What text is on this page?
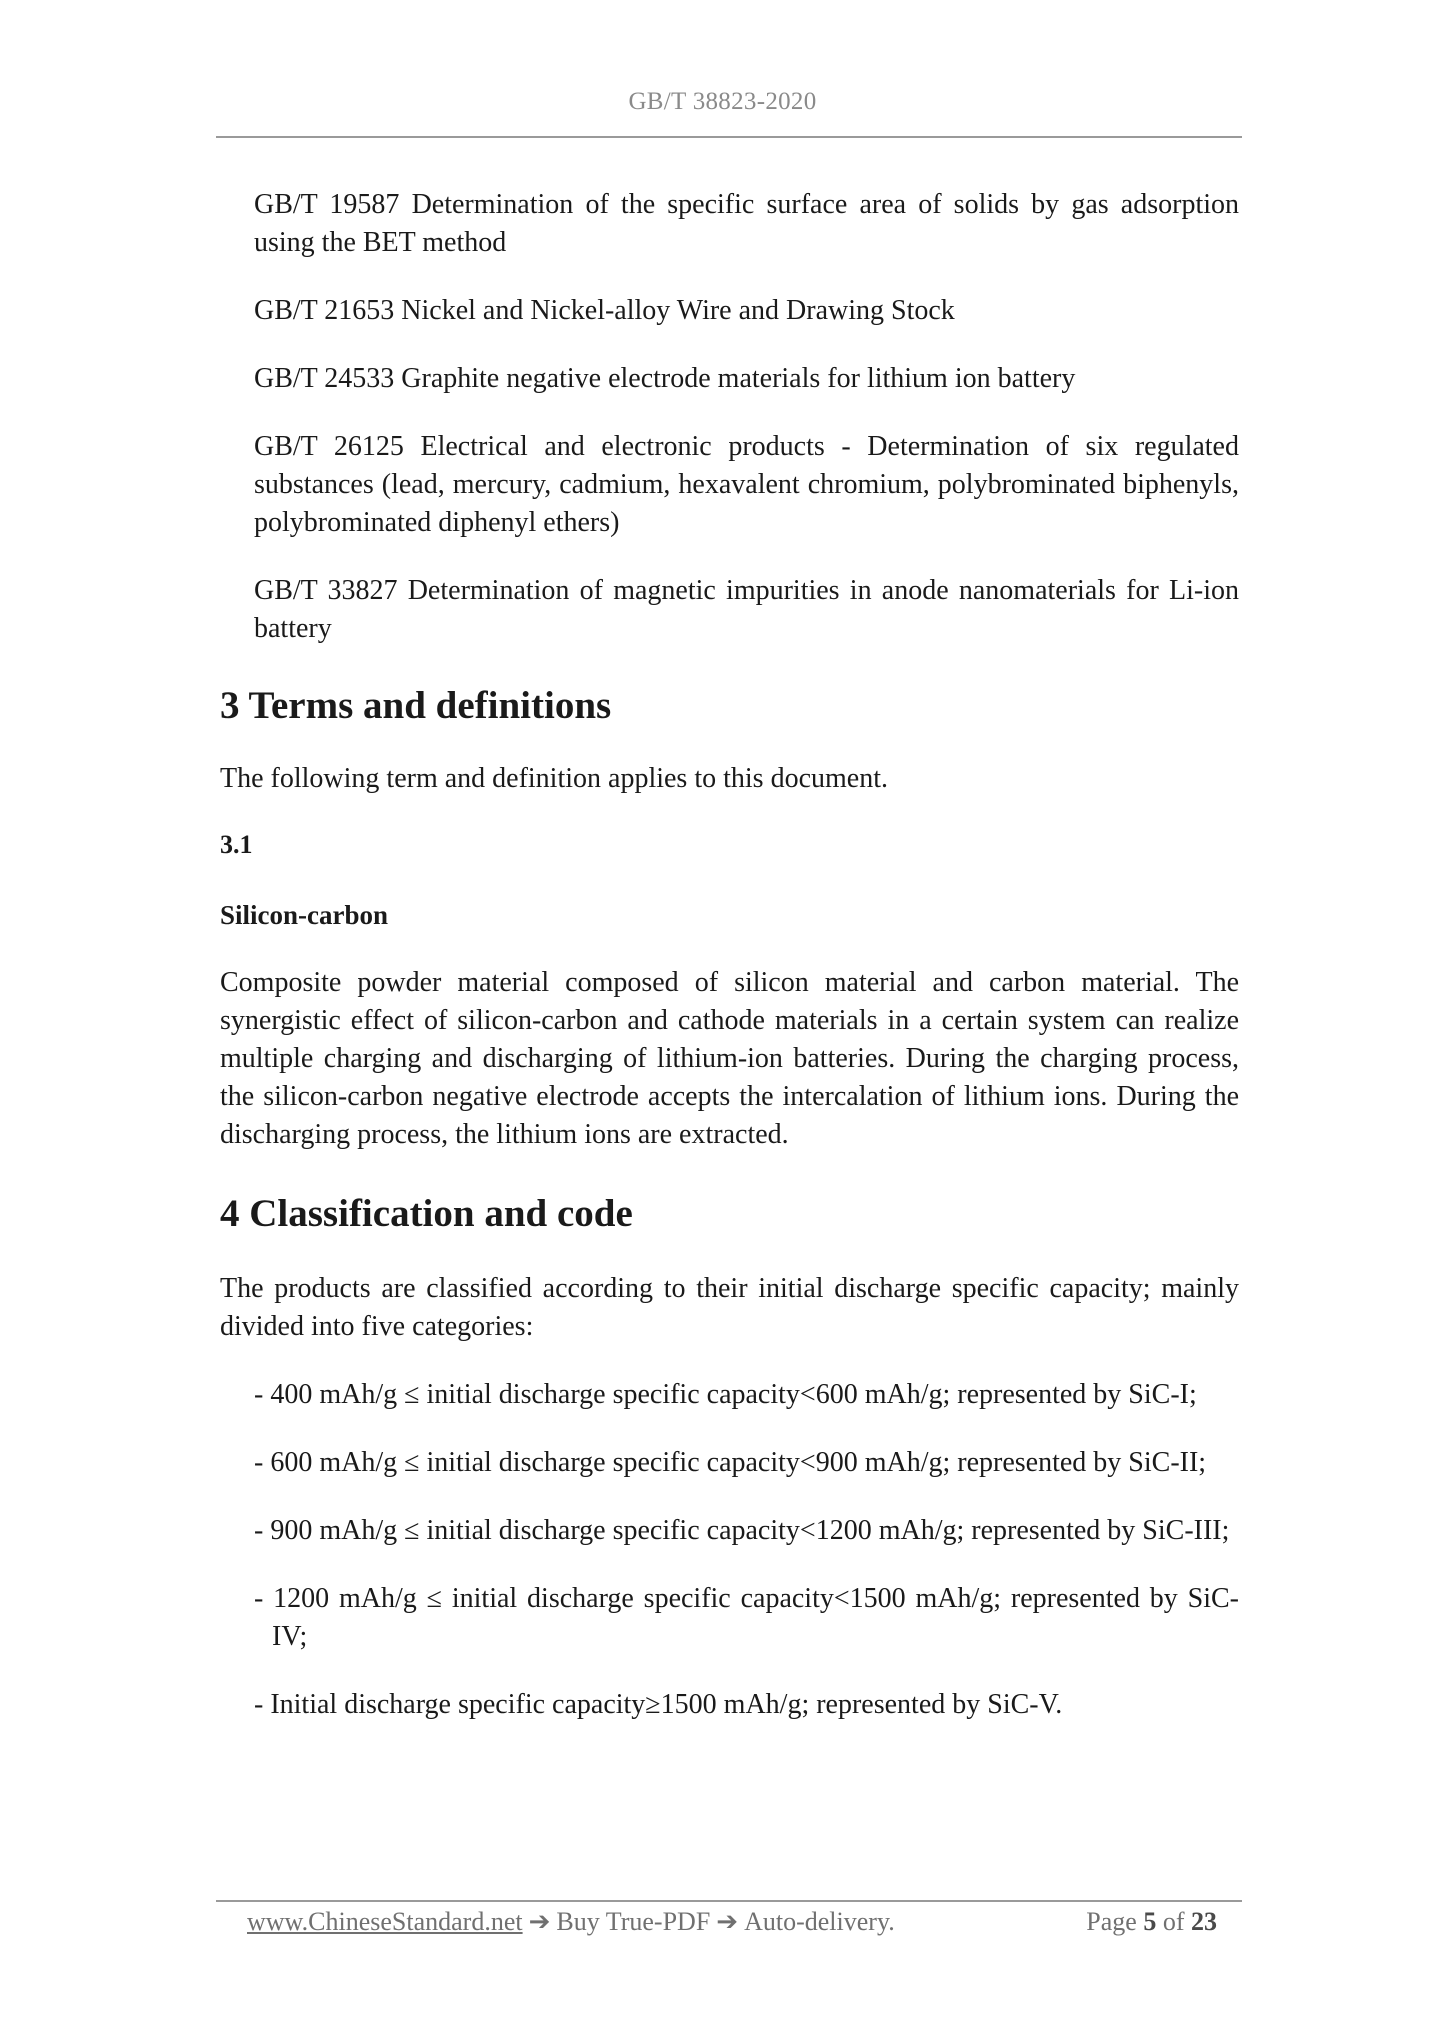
GB/T 38823-2020

GB/T 19587 Determination of the specific surface area of solids by gas adsorption using the BET method

GB/T 21653 Nickel and Nickel-alloy Wire and Drawing Stock

GB/T 24533 Graphite negative electrode materials for lithium ion battery

GB/T 26125 Electrical and electronic products - Determination of six regulated substances (lead, mercury, cadmium, hexavalent chromium, polybrominated biphenyls, polybrominated diphenyl ethers)

GB/T 33827 Determination of magnetic impurities in anode nanomaterials for Li-ion battery

3 Terms and definitions

The following term and definition applies to this document.

3.1

Silicon-carbon

Composite powder material composed of silicon material and carbon material. The synergistic effect of silicon-carbon and cathode materials in a certain system can realize multiple charging and discharging of lithium-ion batteries. During the charging process, the silicon-carbon negative electrode accepts the intercalation of lithium ions. During the discharging process, the lithium ions are extracted.

4 Classification and code

The products are classified according to their initial discharge specific capacity; mainly divided into five categories:

- 400 mAh/g ≤ initial discharge specific capacity<600 mAh/g; represented by SiC-I;

- 600 mAh/g ≤ initial discharge specific capacity<900 mAh/g; represented by SiC-II;

- 900 mAh/g ≤ initial discharge specific capacity<1200 mAh/g; represented by SiC-III;

- 1200 mAh/g ≤ initial discharge specific capacity<1500 mAh/g; represented by SiC-IV;

- Initial discharge specific capacity≥1500 mAh/g; represented by SiC-V.

www.ChineseStandard.net ➔ Buy True-PDF ➔ Auto-delivery.	Page 5 of 23
